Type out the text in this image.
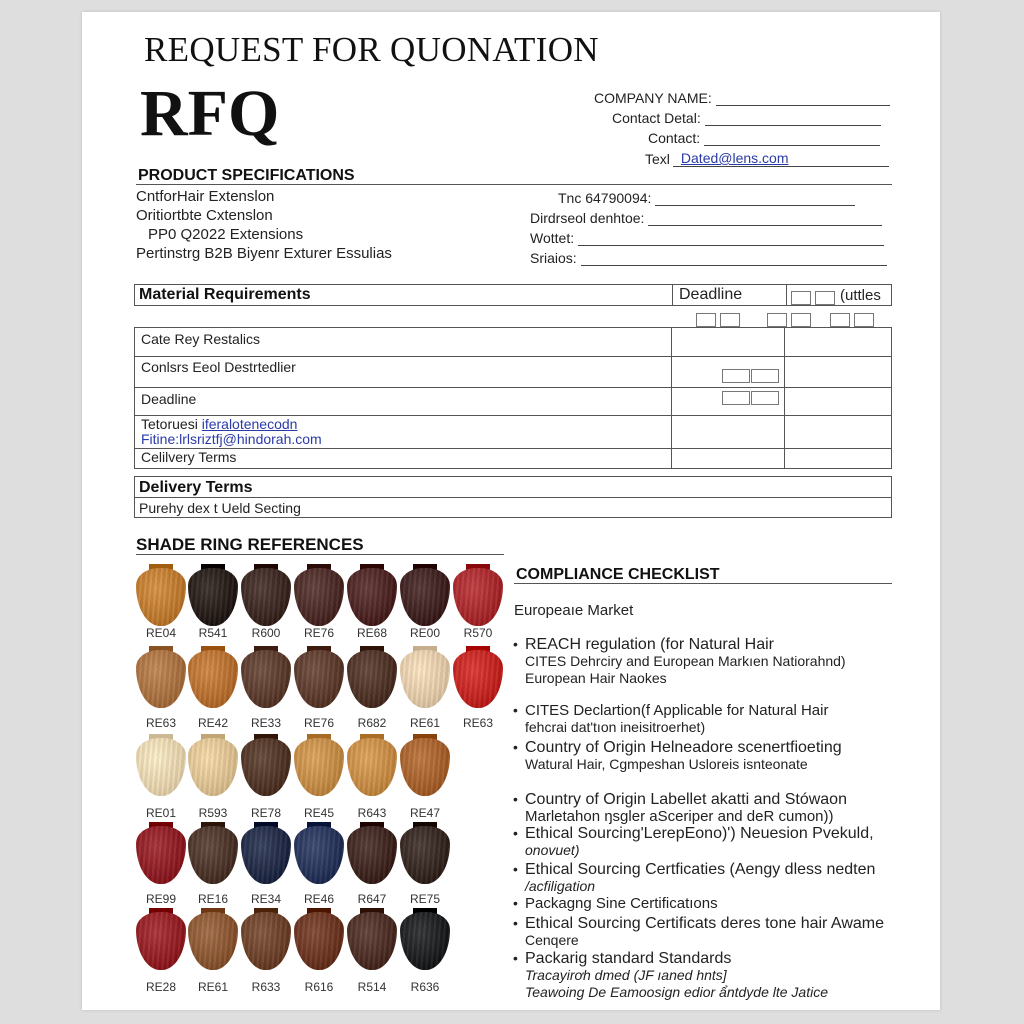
REQUEST FOR QUONATION
RFQ	COMPANY NAME:
Contact Detal:
Contact:
Texl ​Dated@lens.com
PRODUCT SPECIFICATIONS
CntforHair Extenslon
Oritiortbte Cxtenslon
PP0 Q2022 Extensions
Pertinstrg B2B Biyenr Exturer Essulias
Tnc 64790094:
Dirdrseol denhtoe:
Wottet:
Sriaios:
Material Requirements	Deadline	(uttles

Cate Rey Restalics		
Conlsrs Eeol Destrtedlier	

Deadline	

Tetoruesi iferalotenecodn
Fitine:lrlsriztfj@hindorah.com		
Celilvery Terms		
Delivery Terms
Purehy dex t Ueld Secting
SHADE RING REFERENCES
RE04	R541	R600	RE76	RE68	RE00	R570
RE63	RE42	RE33	RE76	R682	RE61	RE63
RE01	R593	RE78	RE45	R643	RE47
RE99	RE16	RE34	RE46	R647	RE75
RE28	RE61	R633	R616	R514	R636
COMPLIANCE CHECKLIST
Europeaıe Market
• REACH regulation (for Natural Hair
CITES Dehrciry and European Markıen Natiorahnd)
European Hair Naokes
• CITES Declartion(f Applicable for Natural Hair
fehcrai dat'tıon ineisitroerhet)
• Country of Origin Helneadore scenertfioeting
Watural Hair, Cgmpeshan Usloreis isnteonate
• Country of Origin Labellet akatti and Stówaon
Marletahon ŋsgler aSceriper and deR cumon))
• Ethical Sourcing'LerepEono)') Neuesion Pvekuld,
onovuet)
• Ethical Sourcing Certficaties (Aengy dless nedten
/acfiligation
• Packagng Sine Certificatıons
• Ethical Sourcing Certificats deres tone hair Awame
Cenqere
• Packarig standard Standards
Tracayirơh dmed (JF ıaned hnts]
Teawoing De Eamoosign edior ẩntdyde lte Jatice
